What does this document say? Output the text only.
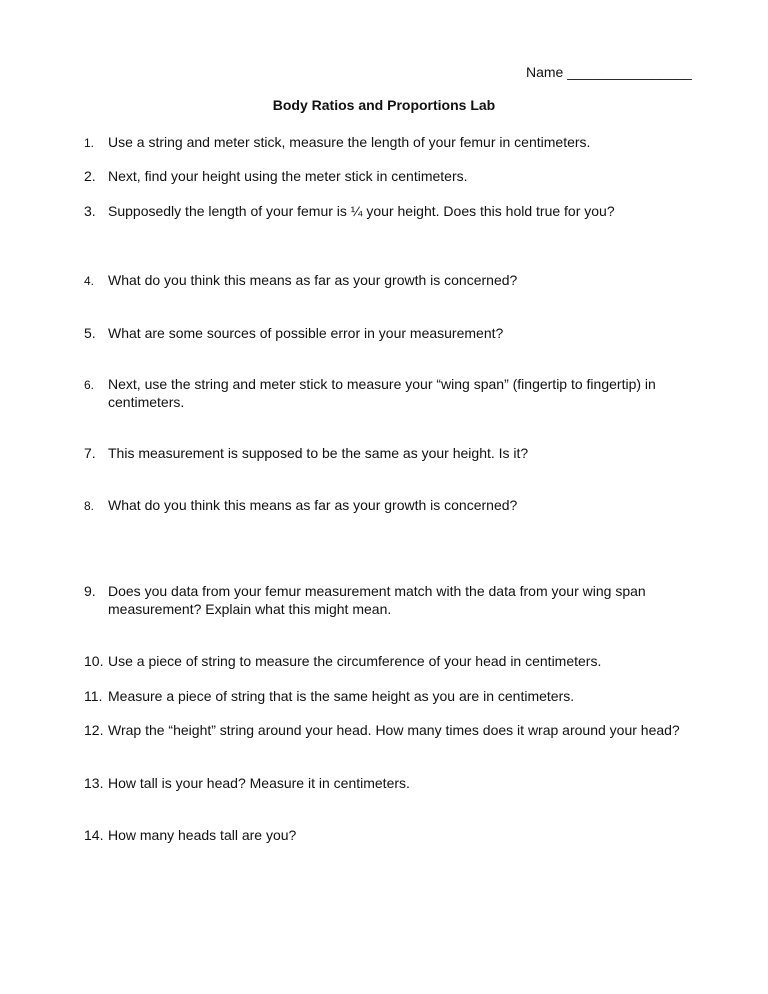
Name ________________
Body Ratios and Proportions Lab
1. Use a string and meter stick, measure the length of your femur in centimeters.
2. Next, find your height using the meter stick in centimeters.
3. Supposedly the length of your femur is ¼ your height. Does this hold true for you?
4. What do you think this means as far as your growth is concerned?
5. What are some sources of possible error in your measurement?
6. Next, use the string and meter stick to measure your “wing span” (fingertip to fingertip) in centimeters.
7. This measurement is supposed to be the same as your height. Is it?
8. What do you think this means as far as your growth is concerned?
9. Does you data from your femur measurement match with the data from your wing span measurement? Explain what this might mean.
10. Use a piece of string to measure the circumference of your head in centimeters.
11. Measure a piece of string that is the same height as you are in centimeters.
12. Wrap the “height” string around your head. How many times does it wrap around your head?
13. How tall is your head? Measure it in centimeters.
14. How many heads tall are you?
